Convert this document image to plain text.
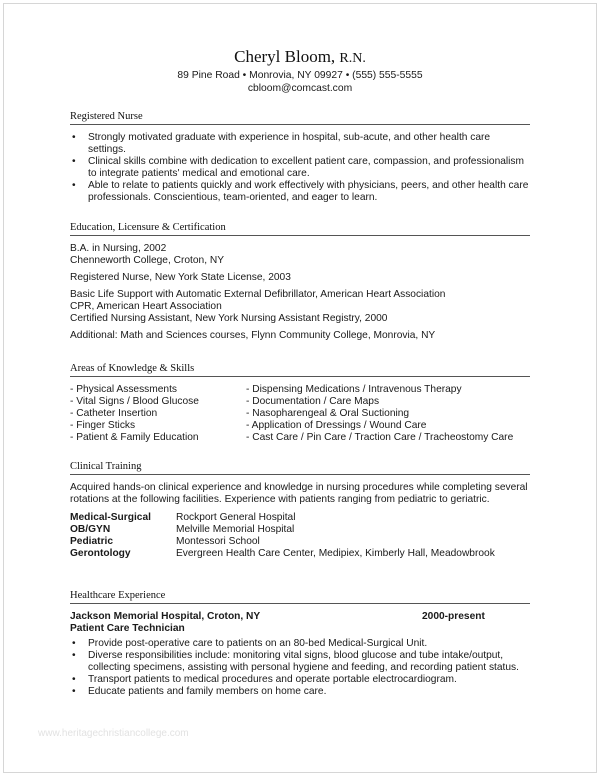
Cheryl Bloom, R.N.
89 Pine Road • Monrovia, NY 09927 • (555) 555-5555
cbloom@comcast.com
Registered Nurse
• Strongly motivated graduate with experience in hospital, sub-acute, and other health care settings.
• Clinical skills combine with dedication to excellent patient care, compassion, and professionalism to integrate patients' medical and emotional care.
• Able to relate to patients quickly and work effectively with physicians, peers, and other health care professionals. Conscientious, team-oriented, and eager to learn.
Education, Licensure & Certification

B.A. in Nursing, 2002
Chenneworth College, Croton, NY

Registered Nurse, New York State License, 2003

Basic Life Support with Automatic External Defibrillator, American Heart Association
CPR, American Heart Association
Certified Nursing Assistant, New York Nursing Assistant Registry, 2000

Additional: Math and Sciences courses, Flynn Community College, Monrovia, NY

Areas of Knowledge & Skills
- Physical Assessments
- Vital Signs / Blood Glucose
- Catheter Insertion
- Finger Sticks
- Patient & Family Education
- Dispensing Medications / Intravenous Therapy
- Documentation / Care Maps
- Nasopharengeal & Oral Suctioning
- Application of Dressings / Wound Care
- Cast Care / Pin Care / Traction Care / Tracheostomy Care
Clinical Training
Acquired hands-on clinical experience and knowledge in nursing procedures while completing several rotations at the following facilities. Experience with patients ranging from pediatric to geriatric.
Medical-Surgical	Rockport General Hospital
OB/GYN	Melville Memorial Hospital
Pediatric	Montessori School
Gerontology	Evergreen Health Care Center, Medipiex, Kimberly Hall, Meadowbrook
Healthcare Experience
Jackson Memorial Hospital, Croton, NY	2000-present
Patient Care Technician
• Provide post-operative care to patients on an 80-bed Medical-Surgical Unit.
• Diverse responsibilities include: monitoring vital signs, blood glucose and tube intake/output, collecting specimens, assisting with personal hygiene and feeding, and recording patient status.
• Transport patients to medical procedures and operate portable electrocardiogram.
• Educate patients and family members on home care.
www.heritagechristiancollege.com
